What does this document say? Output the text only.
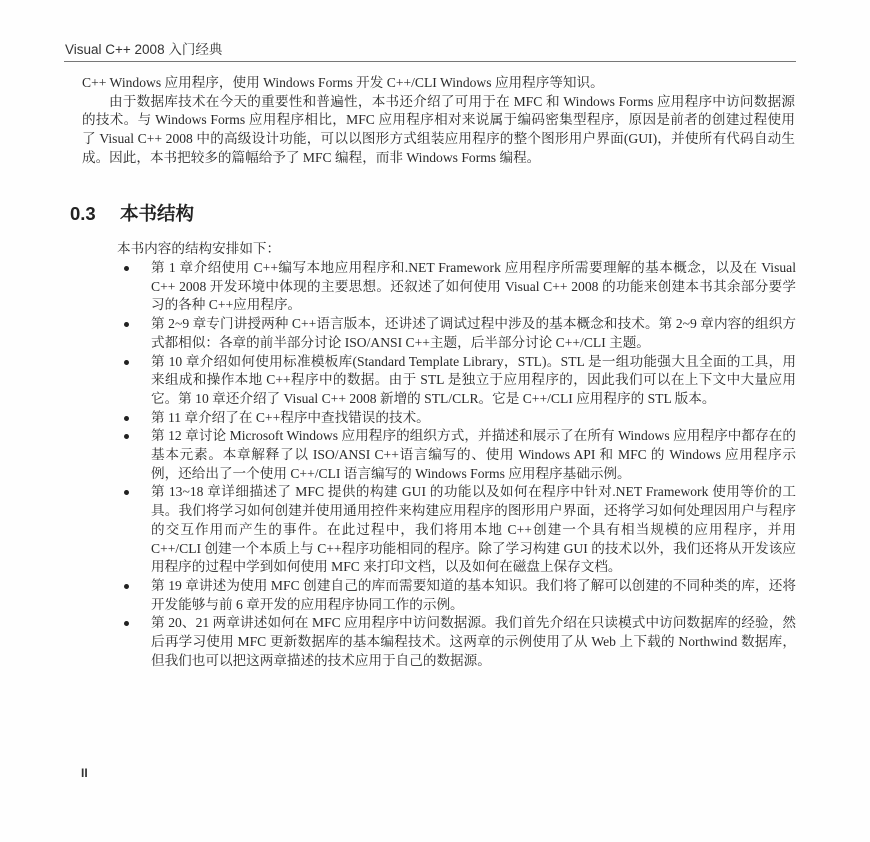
Visual C++ 2008 入门经典

C++ Windows 应用程序，使用 Windows Forms 开发 C++/CLI Windows 应用程序等知识。

由于数据库技术在今天的重要性和普遍性，本书还介绍了可用于在 MFC 和 Windows Forms 应用程序中访问数据源的技术。与 Windows Forms 应用程序相比，MFC 应用程序相对来说属于编码密集型程序，原因是前者的创建过程使用了 Visual C++ 2008 中的高级设计功能，可以以图形方式组装应用程序的整个图形用户界面(GUI)，并使所有代码自动生成。因此，本书把较多的篇幅给予了 MFC 编程，而非 Windows Forms 编程。

0.3 本书结构
本书内容的结构安排如下：
第 1 章介绍使用 C++编写本地应用程序和.NET Framework 应用程序所需要理解的基本概念，以及在 Visual C++ 2008 开发环境中体现的主要思想。还叙述了如何使用 Visual C++ 2008 的功能来创建本书其余部分要学习的各种 C++应用程序。
第 2~9 章专门讲授两种 C++语言版本，还讲述了调试过程中涉及的基本概念和技术。第 2~9 章内容的组织方式都相似：各章的前半部分讨论 ISO/ANSI C++主题，后半部分讨论 C++/CLI 主题。
第 10 章介绍如何使用标准模板库(Standard Template Library，STL)。STL 是一组功能强大且全面的工具，用来组成和操作本地 C++程序中的数据。由于 STL 是独立于应用程序的，因此我们可以在上下文中大量应用它。第 10 章还介绍了 Visual C++ 2008 新增的 STL/CLR。它是 C++/CLI 应用程序的 STL 版本。
第 11 章介绍了在 C++程序中查找错误的技术。
第 12 章讨论 Microsoft Windows 应用程序的组织方式，并描述和展示了在所有 Windows 应用程序中都存在的基本元素。本章解释了以 ISO/ANSI C++语言编写的、使用 Windows API 和 MFC 的 Windows 应用程序示例，还给出了一个使用 C++/CLI 语言编写的 Windows Forms 应用程序基础示例。
第 13~18 章详细描述了 MFC 提供的构建 GUI 的功能以及如何在程序中针对.NET Framework 使用等价的工具。我们将学习如何创建并使用通用控件来构建应用程序的图形用户界面，还将学习如何处理因用户与程序的交互作用而产生的事件。在此过程中，我们将用本地 C++创建一个具有相当规模的应用程序，并用 C++/CLI 创建一个本质上与 C++程序功能相同的程序。除了学习构建 GUI 的技术以外，我们还将从开发该应用程序的过程中学到如何使用 MFC 来打印文档，以及如何在磁盘上保存文档。
第 19 章讲述为使用 MFC 创建自己的库而需要知道的基本知识。我们将了解可以创建的不同种类的库，还将开发能够与前 6 章开发的应用程序协同工作的示例。
第 20、21 两章讲述如何在 MFC 应用程序中访问数据源。我们首先介绍在只读模式中访问数据库的经验，然后再学习使用 MFC 更新数据库的基本编程技术。这两章的示例使用了从 Web 上下载的 Northwind 数据库，但我们也可以把这两章描述的技术应用于自己的数据源。
II
